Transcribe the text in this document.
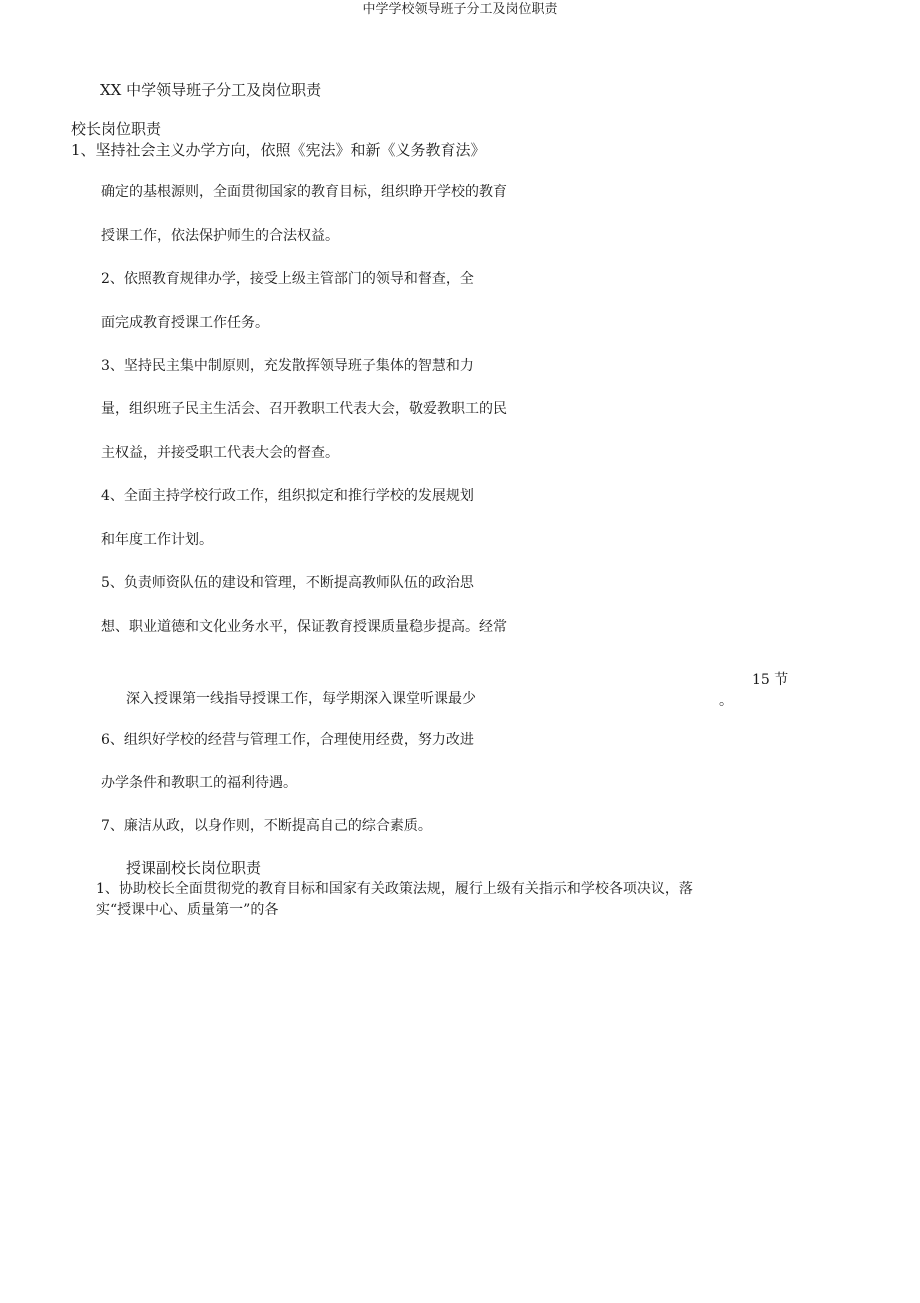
中学学校领导班子分工及岗位职责
XX 中学领导班子分工及岗位职责
校长岗位职责
1、坚持社会主义办学方向，依照《宪法》和新《义务教育法》
确定的基根源则，全面贯彻国家的教育目标，组织睁开学校的教育
授课工作，依法保护师生的合法权益。
2、依照教育规律办学，接受上级主管部门的领导和督查，全
面完成教育授课工作任务。
3、坚持民主集中制原则，充发散挥领导班子集体的智慧和力
量，组织班子民主生活会、召开教职工代表大会，敬爱教职工的民
主权益，并接受职工代表大会的督查。
4、全面主持学校行政工作，组织拟定和推行学校的发展规划
和年度工作计划。
5、负责师资队伍的建设和管理，不断提高教师队伍的政治思
想、职业道德和文化业务水平，保证教育授课质量稳步提高。经常
15 节
深入授课第一线指导授课工作，每学期深入课堂听课最少	。
6、组织好学校的经营与管理工作，合理使用经费，努力改进
办学条件和教职工的福利待遇。
7、廉洁从政，以身作则，不断提高自己的综合素质。
授课副校长岗位职责
1、协助校长全面贯彻党的教育目标和国家有关政策法规，履行上级有关指示和学校各项决议，落
实“授课中心、质量第一”的各
